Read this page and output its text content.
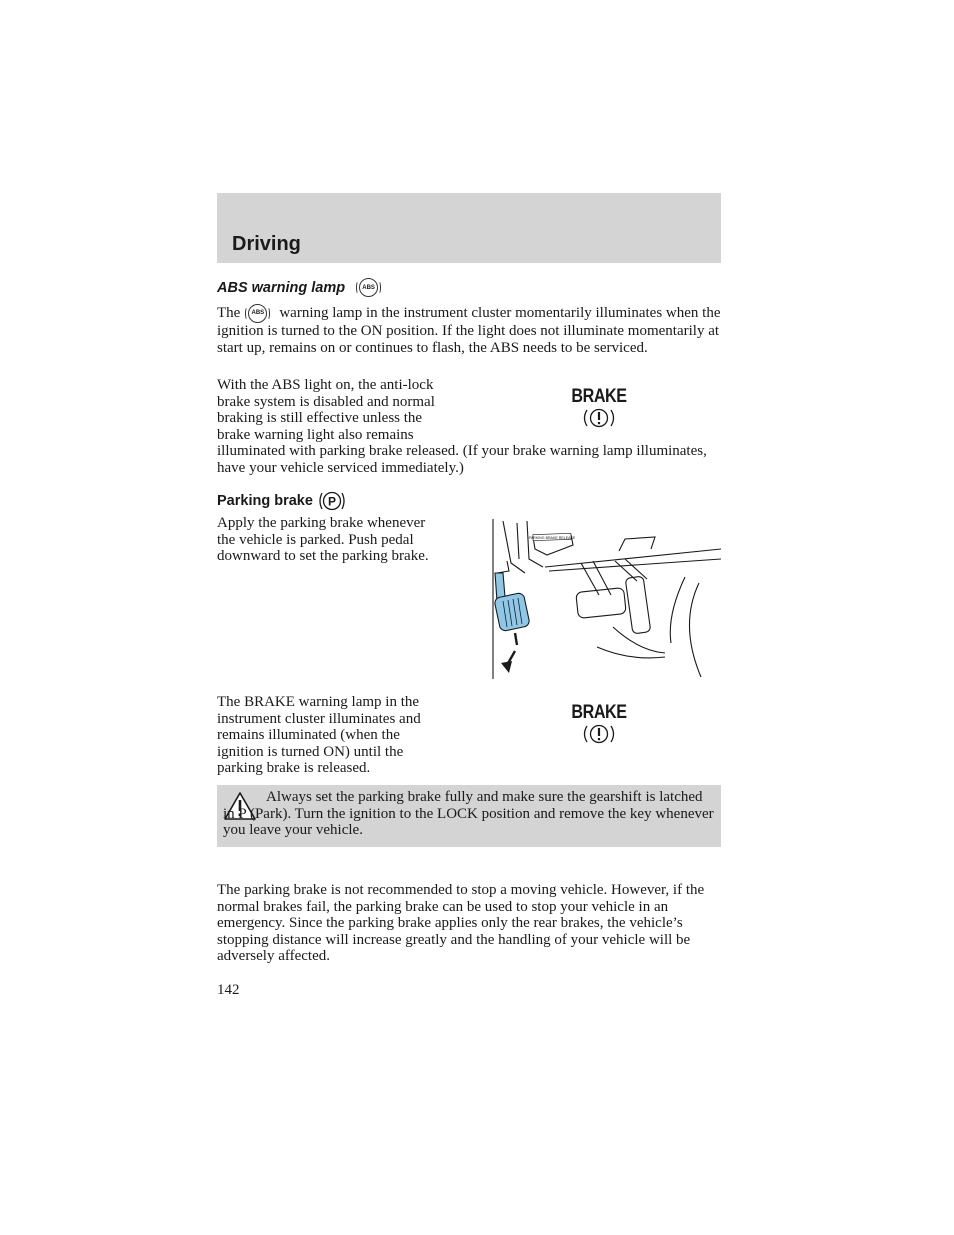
Driving
ABS warning lamp	ABS

The ABS warning lamp in the instrument cluster momentarily illuminates when the ignition is turned to the ON position. If the light does not illuminate momentarily at start up, remains on or continues to flash, the ABS needs to be serviced.

With the ABS light on, the anti-lock
brake system is disabled and normal
braking is still effective unless the
brake warning light also remains

illuminated with parking brake released. (If your brake warning lamp illuminates, have your vehicle serviced immediately.)

BRAKE
Parking brake P

Apply the parking brake whenever
the vehicle is parked. Push pedal
downward to set the parking brake.

PARKING BRAKE RELEASE

The BRAKE warning lamp in the
instrument cluster illuminates and
remains illuminated (when the
ignition is turned ON) until the
parking brake is released.

BRAKE

Always set the parking brake fully and make sure the gearshift is latched in P (Park). Turn the ignition to the LOCK position and remove the key whenever you leave your vehicle.

The parking brake is not recommended to stop a moving vehicle. However, if the normal brakes fail, the parking brake can be used to stop your vehicle in an emergency. Since the parking brake applies only the rear brakes, the vehicle’s stopping distance will increase greatly and the handling of your vehicle will be adversely affected.

142
